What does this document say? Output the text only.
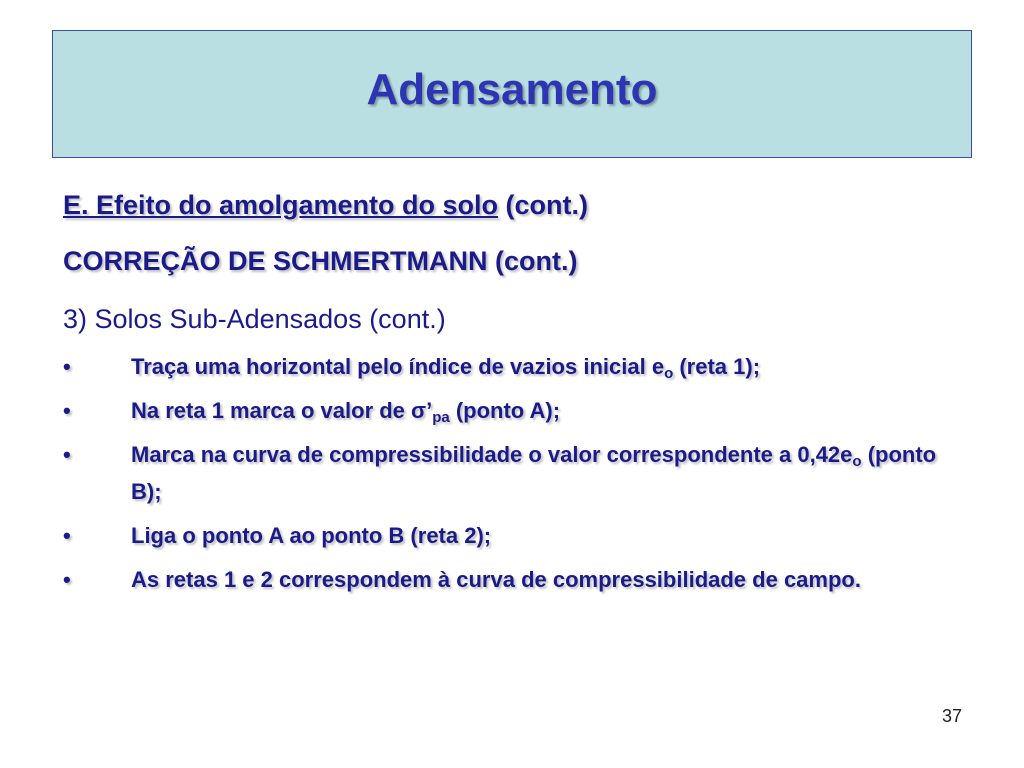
Adensamento
E. Efeito do amolgamento do solo (cont.)
CORREÇÃO DE SCHMERTMANN (cont.)
3) Solos Sub-Adensados (cont.)
•	Traça uma horizontal pelo índice de vazios inicial $e_o$ (reta 1);
•	Na reta 1 marca o valor de $\sigma’_{pa}$ (ponto A);
•	Marca na curva de compressibilidade o valor correspondente a $0,42e_o$ (ponto B);
•	Liga o ponto A ao ponto B (reta 2);
•	As retas 1 e 2 correspondem à curva de compressibilidade de campo.
37
